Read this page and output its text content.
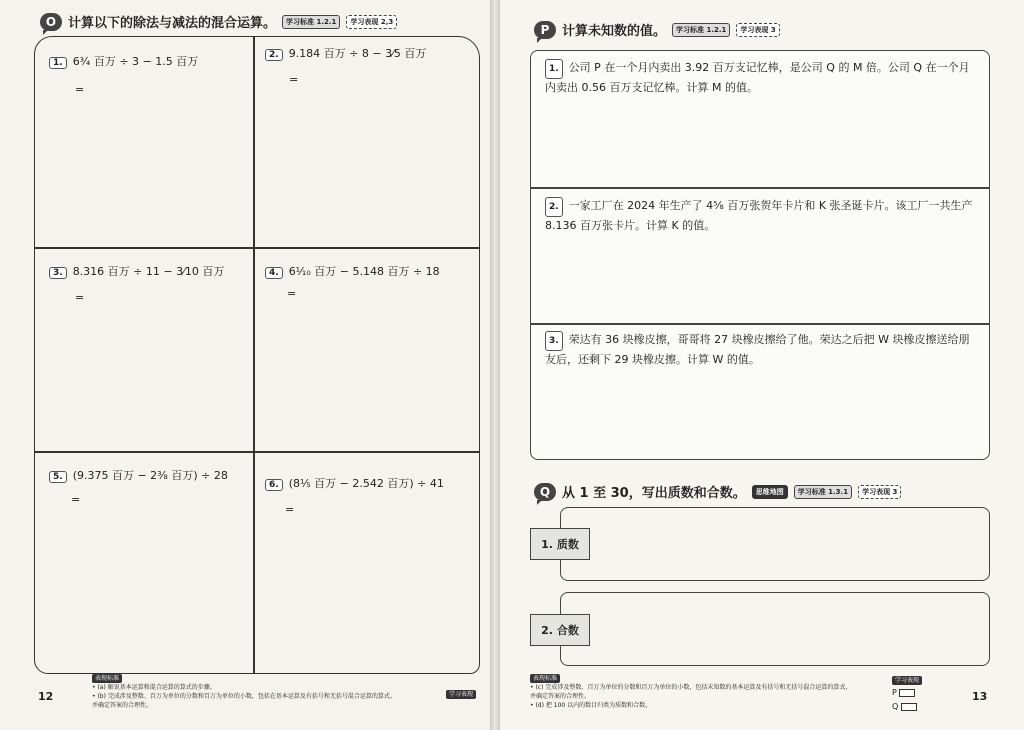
O 计算以下的除法与减法的混合运算。	学习标准 1.2.1	学习表现 2,3
1. 6¾ 百万 ÷ 3 − 1.5 百万
=
2. 9.184 百万 ÷ 8 − 3⁄5 百万
=
3. 8.316 百万 ÷ 11 − 3⁄10 百万
=
4. 6⅒ 百万 − 5.148 百万 ÷ 18
=
5. (9.375 百万 − 2⅜ 百万) ÷ 28
=
6. (8⅕ 百万 − 2.542 百万) ÷ 41
=
12
表现标准
• (a) 解说基本运算和混合运算的算式的步骤。
• (b) 完成涉及整数、百万为单位的分数和百万为单位的小数，包括在基本运算及有括号和无括号混合运算的算式。
并确定答案的合理性。
学习表现
P 计算未知数的值。	学习标准 1.2.1	学习表现 3
1. 公司 P 在一个月内卖出 3.92 百万支记忆棒，是公司 Q 的 M 倍。公司 Q 在一个月内卖出 0.56 百万支记忆棒。计算 M 的值。
2. 一家工厂在 2024 年生产了 4⅝ 百万张贺年卡片和 K 张圣诞卡片。该工厂一共生产 8.136 百万张卡片。计算 K 的值。
3. 荣达有 36 块橡皮擦，哥哥将 27 块橡皮擦给了他。荣达之后把 W 块橡皮擦送给朋友后，还剩下 29 块橡皮擦。计算 W 的值。
Q 从 1 至 30，写出质数和合数。	思维地图	学习标准 1.3.1	学习表现 3
1. 质数
2. 合数
表现标准
• (c) 完成涉及整数、百万为单位的分数和百万为单位的小数，包括未知数的基本运算及有括号和无括号混合运算的算式，
并确定答案的合理性。
• (d) 把 100 以内的数目归类为质数和合数。
学习表现
P
Q
13
